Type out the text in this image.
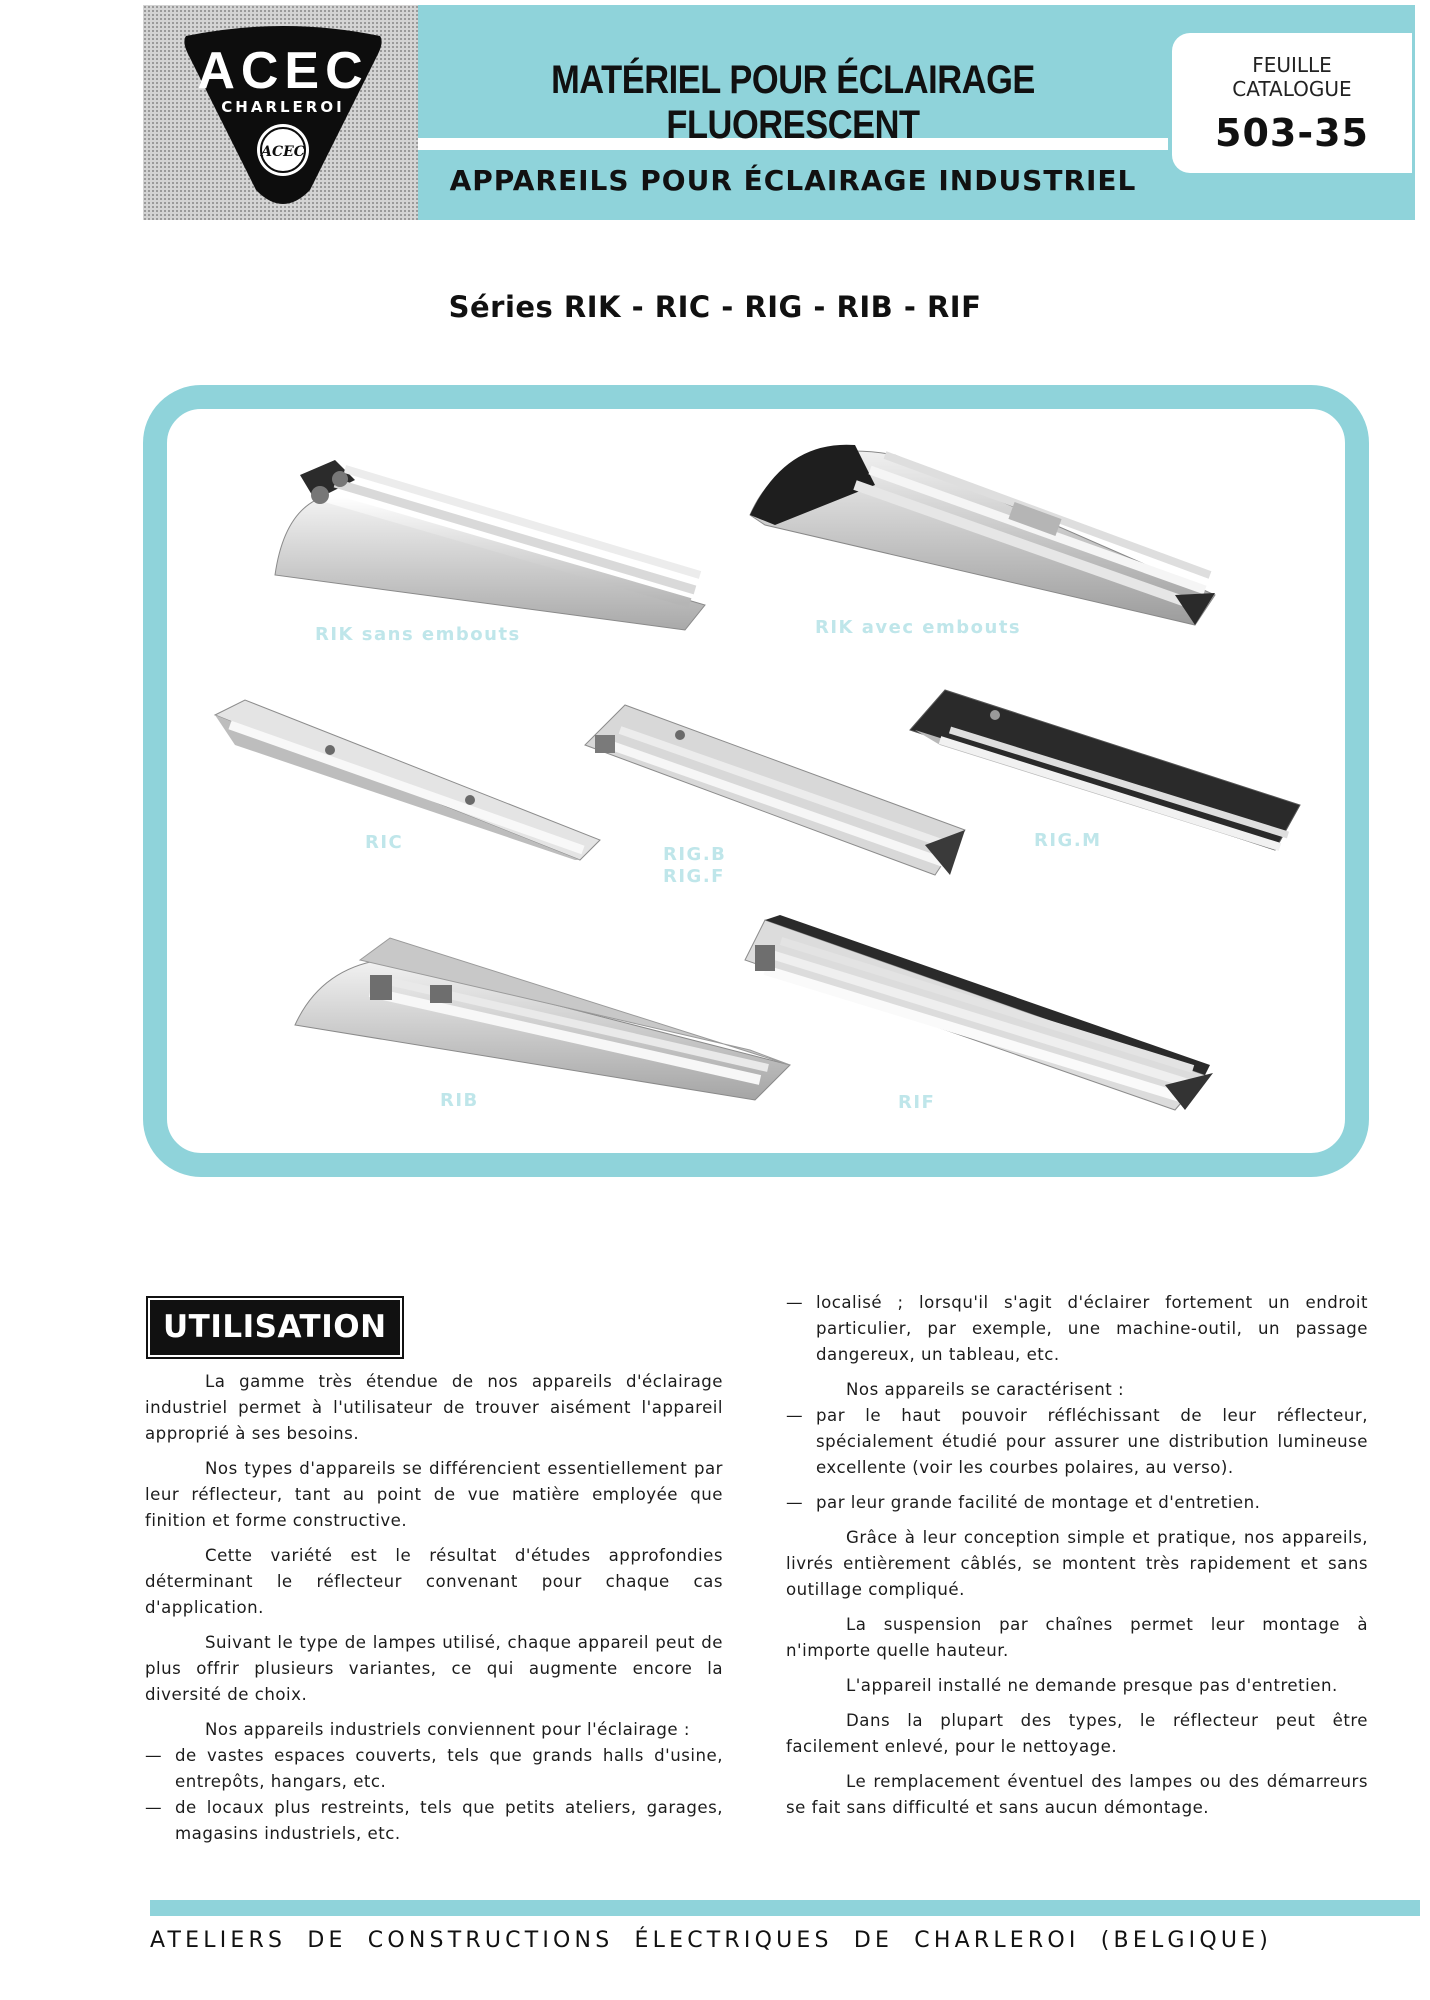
ACEC
CHARLEROI
ACEC
MATÉRIEL POUR ÉCLAIRAGE FLUORESCENT
APPAREILS POUR ÉCLAIRAGE INDUSTRIEL
FEUILLE
CATALOGUE
503-35
Séries RIK - RIC - RIG - RIB - RIF
RIK sans embouts	RIK avec embouts
RIC
RIG.B
RIG.F
RIG.M
RIB	RIF
UTILISATION

La gamme très étendue de nos appareils d'éclairage industriel permet à l'utilisateur de trouver aisément l'appareil approprié à ses besoins.

Nos types d'appareils se différencient essentiellement par leur réflecteur, tant au point de vue matière employée que finition et forme constructive.

Cette variété est le résultat d'études approfondies déterminant le réflecteur convenant pour chaque cas d'application.

Suivant le type de lampes utilisé, chaque appareil peut de plus offrir plusieurs variantes, ce qui augmente encore la diversité de choix.

Nos appareils industriels conviennent pour l'éclairage :

— de vastes espaces couverts, tels que grands halls d'usine, entrepôts, hangars, etc.

— de locaux plus restreints, tels que petits ateliers, garages, magasins industriels, etc.

— localisé ; lorsqu'il s'agit d'éclairer fortement un endroit particulier, par exemple, une machine-outil, un passage dangereux, un tableau, etc.

Nos appareils se caractérisent :

— par le haut pouvoir réfléchissant de leur réflecteur, spécialement étudié pour assurer une distribution lumineuse excellente (voir les courbes polaires, au verso).

— par leur grande facilité de montage et d'entretien.

Grâce à leur conception simple et pratique, nos appareils, livrés entièrement câblés, se montent très rapidement et sans outillage compliqué.

La suspension par chaînes permet leur montage à n'importe quelle hauteur.

L'appareil installé ne demande presque pas d'entretien.

Dans la plupart des types, le réflecteur peut être facilement enlevé, pour le nettoyage.

Le remplacement éventuel des lampes ou des démarreurs se fait sans difficulté et sans aucun démontage.

ATELIERS DE CONSTRUCTIONS ÉLECTRIQUES DE CHARLEROI (BELGIQUE)
